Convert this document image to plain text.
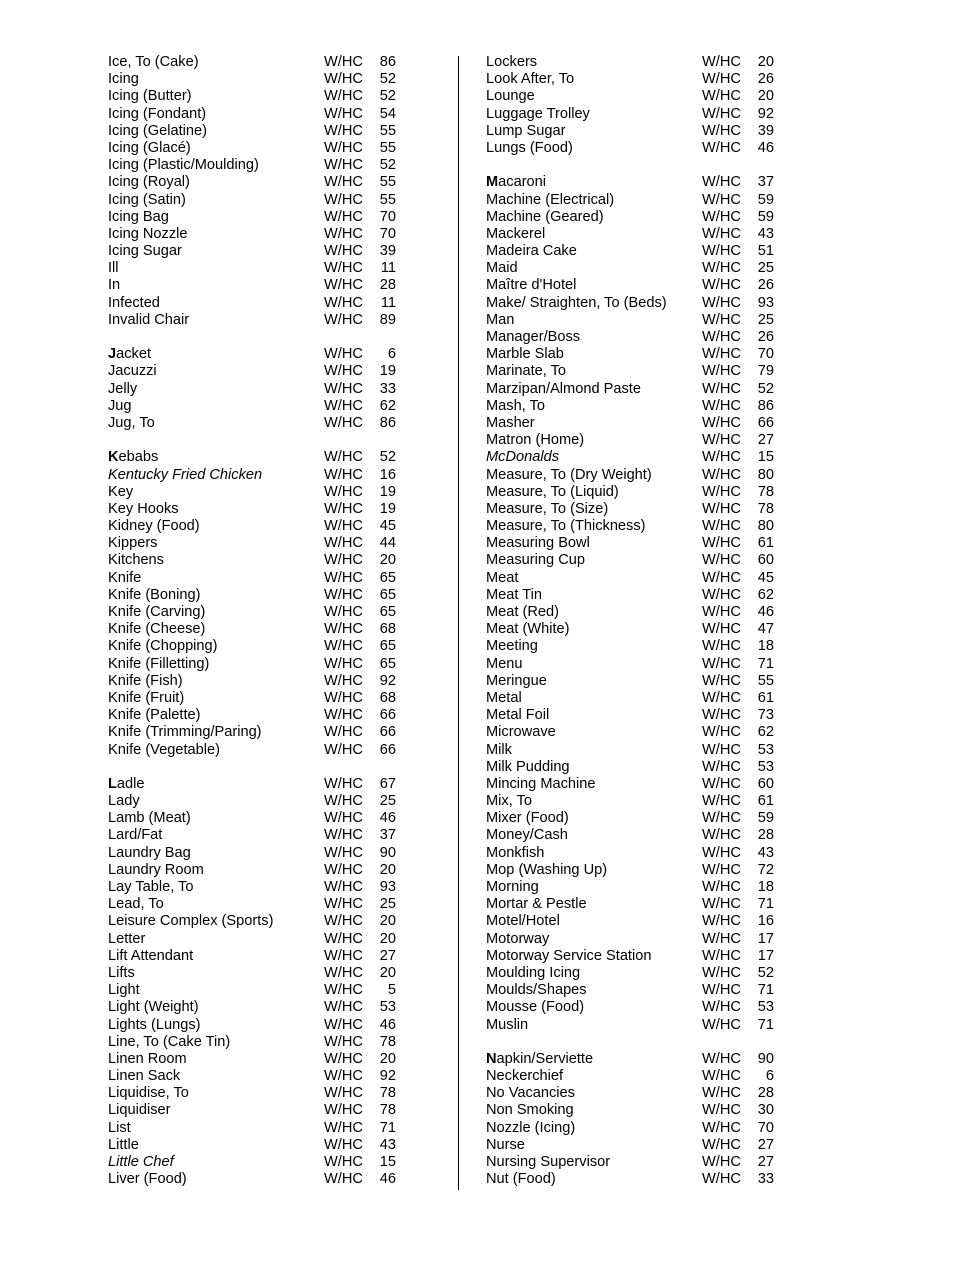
Ice, To (Cake)	W/HC	86
Icing	W/HC	52
Icing (Butter)	W/HC	52
Icing (Fondant)	W/HC	54
Icing (Gelatine)	W/HC	55
Icing (Glacé)	W/HC	55
Icing (Plastic/Moulding)	W/HC	52
Icing (Royal)	W/HC	55
Icing (Satin)	W/HC	55
Icing Bag	W/HC	70
Icing Nozzle	W/HC	70
Icing Sugar	W/HC	39
Ill	W/HC	11
In	W/HC	28
Infected	W/HC	11
Invalid Chair	W/HC	89
Jacket	W/HC	6
Jacuzzi	W/HC	19
Jelly	W/HC	33
Jug	W/HC	62
Jug, To	W/HC	86
Kebabs	W/HC	52
Kentucky Fried Chicken	W/HC	16
Key	W/HC	19
Key Hooks	W/HC	19
Kidney (Food)	W/HC	45
Kippers	W/HC	44
Kitchens	W/HC	20
Knife	W/HC	65
Knife (Boning)	W/HC	65
Knife (Carving)	W/HC	65
Knife (Cheese)	W/HC	68
Knife (Chopping)	W/HC	65
Knife (Filletting)	W/HC	65
Knife (Fish)	W/HC	92
Knife (Fruit)	W/HC	68
Knife (Palette)	W/HC	66
Knife (Trimming/Paring)	W/HC	66
Knife (Vegetable)	W/HC	66
Ladle	W/HC	67
Lady	W/HC	25
Lamb (Meat)	W/HC	46
Lard/Fat	W/HC	37
Laundry Bag	W/HC	90
Laundry Room	W/HC	20
Lay Table, To	W/HC	93
Lead, To	W/HC	25
Leisure Complex (Sports)	W/HC	20
Letter	W/HC	20
Lift Attendant	W/HC	27
Lifts	W/HC	20
Light	W/HC	5
Light (Weight)	W/HC	53
Lights (Lungs)	W/HC	46
Line, To (Cake Tin)	W/HC	78
Linen Room	W/HC	20
Linen Sack	W/HC	92
Liquidise, To	W/HC	78
Liquidiser	W/HC	78
List	W/HC	71
Little	W/HC	43
Little Chef	W/HC	15
Liver (Food)	W/HC	46
Lockers	W/HC	20
Look After, To	W/HC	26
Lounge	W/HC	20
Luggage Trolley	W/HC	92
Lump Sugar	W/HC	39
Lungs (Food)	W/HC	46
Macaroni	W/HC	37
Machine (Electrical)	W/HC	59
Machine (Geared)	W/HC	59
Mackerel	W/HC	43
Madeira Cake	W/HC	51
Maid	W/HC	25
Maître d'Hotel	W/HC	26
Make/ Straighten, To (Beds) W/HC	93
Man	W/HC	25
Manager/Boss	W/HC	26
Marble Slab	W/HC	70
Marinate, To	W/HC	79
Marzipan/Almond Paste	W/HC	52
Mash, To	W/HC	86
Masher	W/HC	66
Matron (Home)	W/HC	27
McDonalds	W/HC	15
Measure, To (Dry Weight)	W/HC	80
Measure, To (Liquid)	W/HC	78
Measure, To (Size)	W/HC	78
Measure, To (Thickness)	W/HC	80
Measuring Bowl	W/HC	61
Measuring Cup	W/HC	60
Meat	W/HC	45
Meat Tin	W/HC	62
Meat (Red)	W/HC	46
Meat (White)	W/HC	47
Meeting	W/HC	18
Menu	W/HC	71
Meringue	W/HC	55
Metal	W/HC	61
Metal Foil	W/HC	73
Microwave	W/HC	62
Milk	W/HC	53
Milk Pudding	W/HC	53
Mincing Machine	W/HC	60
Mix, To	W/HC	61
Mixer (Food)	W/HC	59
Money/Cash	W/HC	28
Monkfish	W/HC	43
Mop (Washing Up)	W/HC	72
Morning	W/HC	18
Mortar & Pestle	W/HC	71
Motel/Hotel	W/HC	16
Motorway	W/HC	17
Motorway Service Station	W/HC	17
Moulding Icing	W/HC	52
Moulds/Shapes	W/HC	71
Mousse (Food)	W/HC	53
Muslin	W/HC	71
Napkin/Serviette	W/HC	90
Neckerchief	W/HC	6
No Vacancies	W/HC	28
Non Smoking	W/HC	30
Nozzle (Icing)	W/HC	70
Nurse	W/HC	27
Nursing Supervisor	W/HC	27
Nut (Food)	W/HC	33
